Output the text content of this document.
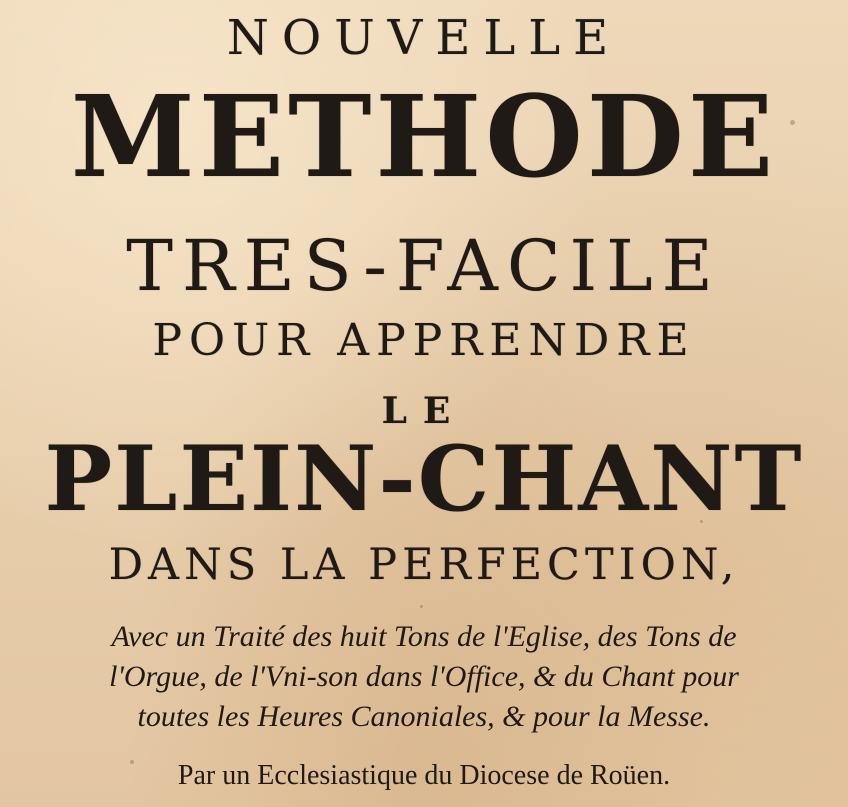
NOUVELLE
METHODE
TRES-FACILE
POUR APPRENDRE
LE
PLEIN-CHANT
DANS LA PERFECTION,
Avec un Traité des huit Tons de l'Eglise, des Tons de
l'Orgue, de l'Vni-son dans l'Office, & du Chant pour
toutes les Heures Canoniales, & pour la Messe.
Par un Ecclesiastique du Diocese de Roüen.
